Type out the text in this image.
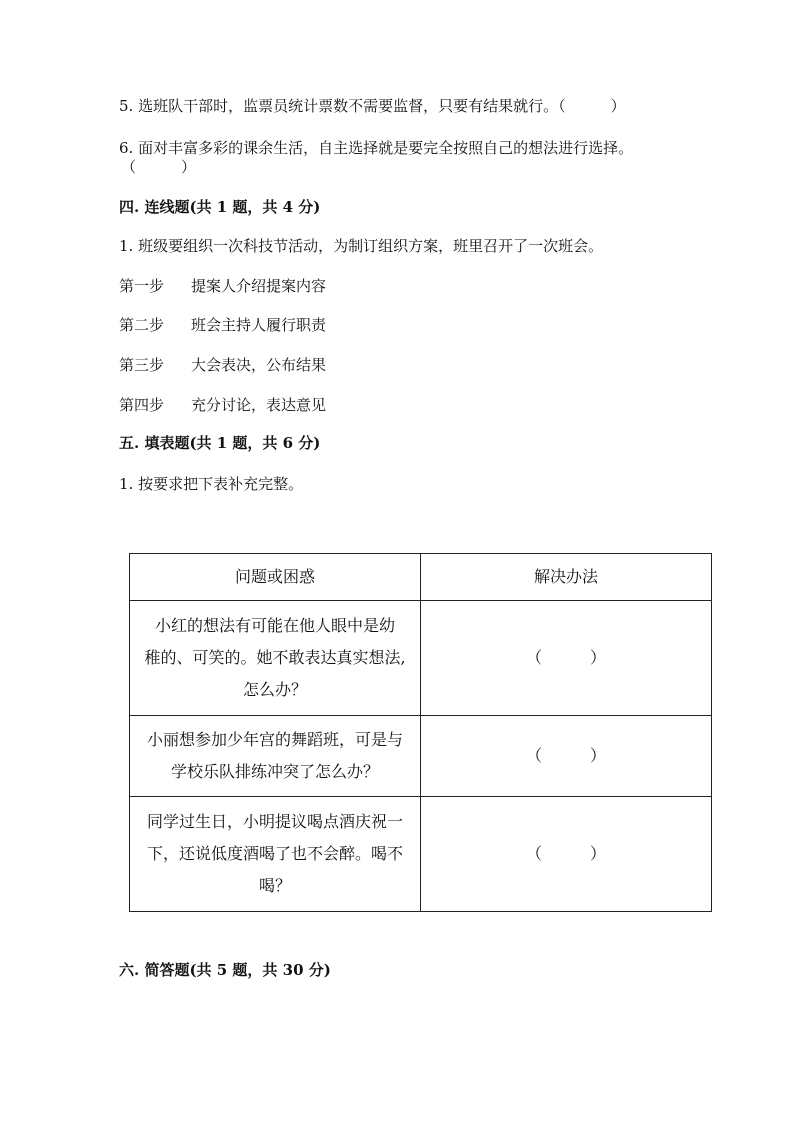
5. 选班队干部时，监票员统计票数不需要监督，只要有结果就行。（　　　）
6. 面对丰富多彩的课余生活，自主选择就是要完全按照自己的想法进行选择。
（　　　）
四. 连线题(共 1 题，共 4 分)
1. 班级要组织一次科技节活动，为制订组织方案，班里召开了一次班会。
第一步 提案人介绍提案内容
第二步 班会主持人履行职责
第三步 大会表决，公布结果
第四步 充分讨论，表达意见
五. 填表题(共 1 题，共 6 分)
1. 按要求把下表补充完整。
问题或困惑	解决办法

小红的想法有可能在他人眼中是幼
稚的、可笑的。她不敢表达真实想法,
怎么办？	（　　　）

小丽想参加少年宫的舞蹈班，可是与
学校乐队排练冲突了怎么办？	（　　　）

同学过生日，小明提议喝点酒庆祝一
下，还说低度酒喝了也不会醉。喝不
喝？	（　　　）
六. 简答题(共 5 题，共 30 分)
